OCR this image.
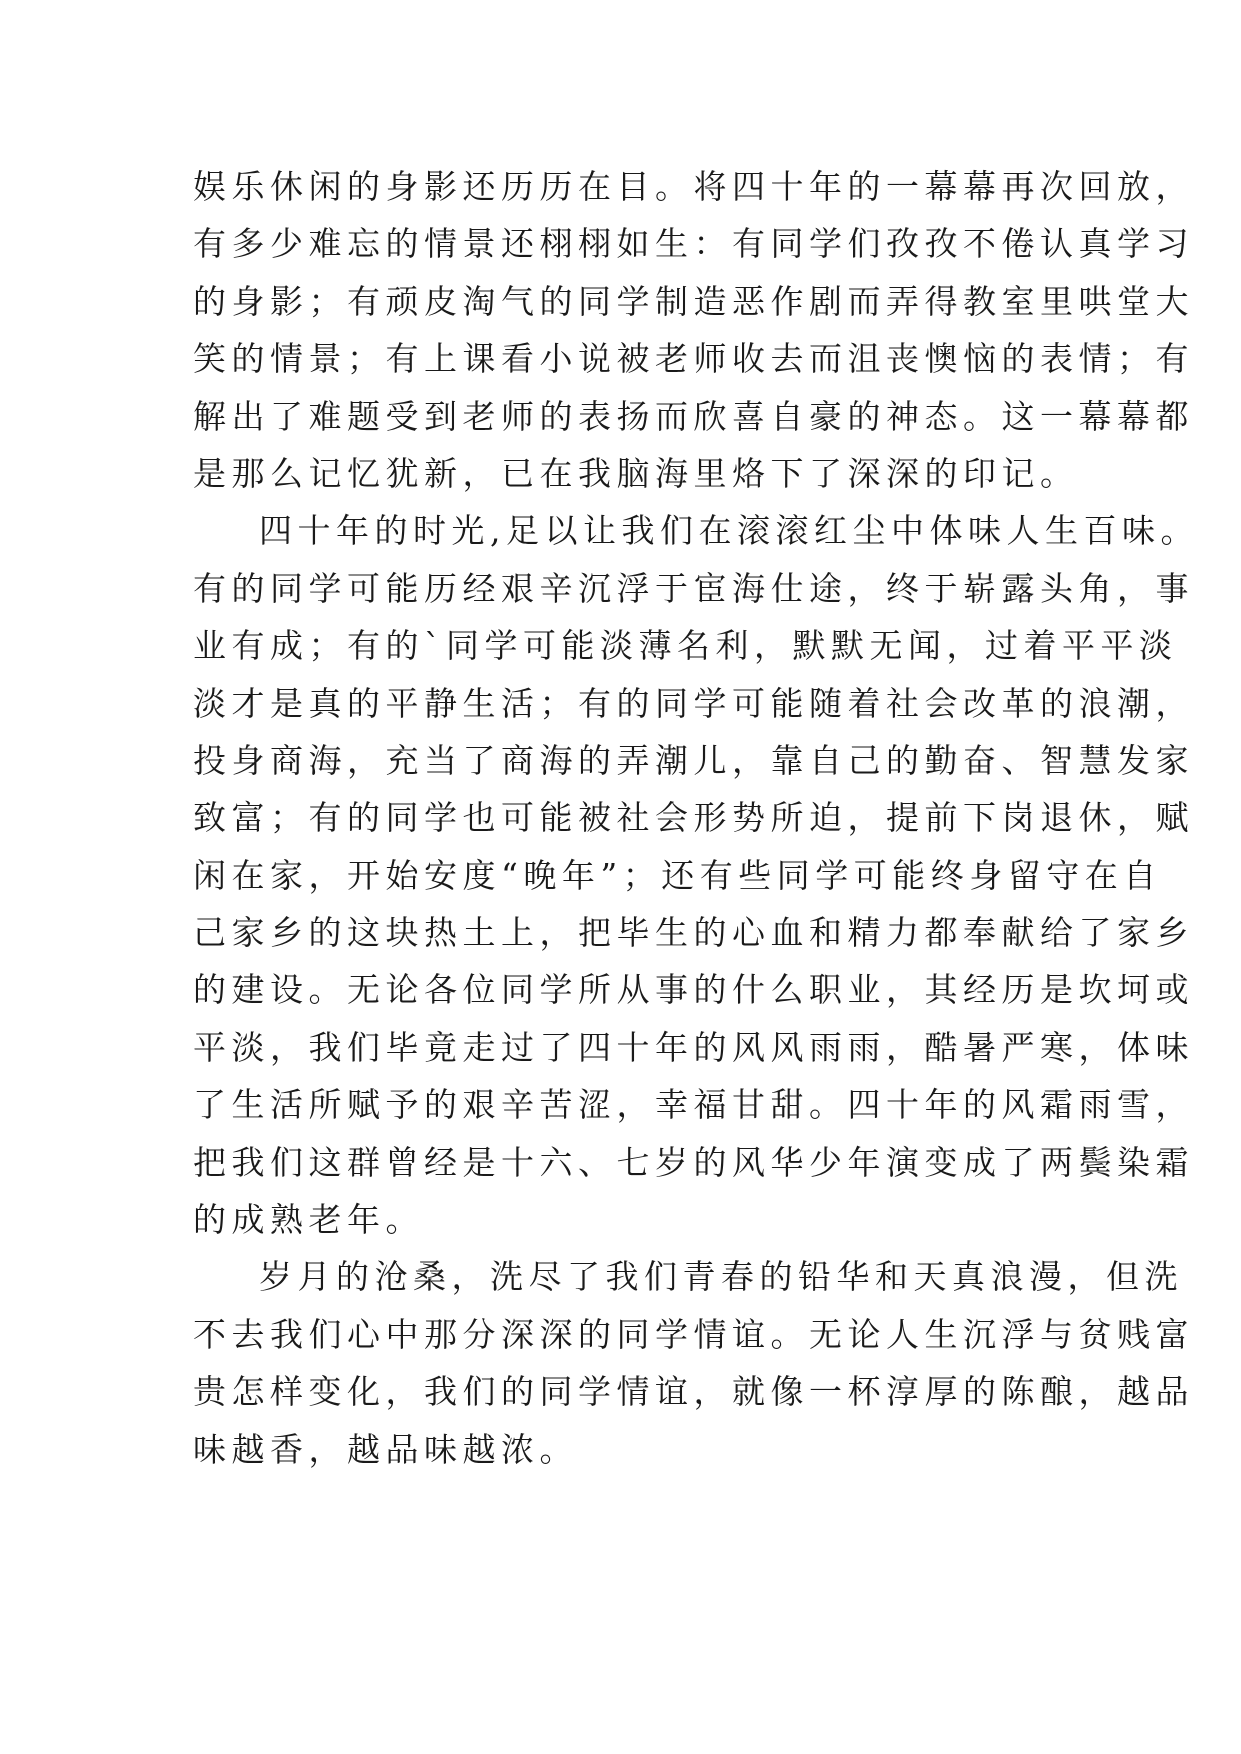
娱乐休闲的身影还历历在目。将四十年的一幕幕再次回放，
有多少难忘的情景还栩栩如生：有同学们孜孜不倦认真学习
的身影；有顽皮淘气的同学制造恶作剧而弄得教室里哄堂大
笑的情景；有上课看小说被老师收去而沮丧懊恼的表情；有
解出了难题受到老师的表扬而欣喜自豪的神态。这一幕幕都
是那么记忆犹新，已在我脑海里烙下了深深的印记。
四十年的时光,足以让我们在滚滚红尘中体味人生百味。
有的同学可能历经艰辛沉浮于宦海仕途，终于崭露头角，事
业有成；有的`同学可能淡薄名利，默默无闻，过着平平淡
淡才是真的平静生活；有的同学可能随着社会改革的浪潮，
投身商海，充当了商海的弄潮儿，靠自己的勤奋、智慧发家
致富；有的同学也可能被社会形势所迫，提前下岗退休，赋
闲在家，开始安度“晚年”；还有些同学可能终身留守在自
己家乡的这块热土上，把毕生的心血和精力都奉献给了家乡
的建设。无论各位同学所从事的什么职业，其经历是坎坷或
平淡，我们毕竟走过了四十年的风风雨雨，酷暑严寒，体味
了生活所赋予的艰辛苦涩，幸福甘甜。四十年的风霜雨雪，
把我们这群曾经是十六、七岁的风华少年演变成了两鬓染霜
的成熟老年。
岁月的沧桑，洗尽了我们青春的铅华和天真浪漫，但洗
不去我们心中那分深深的同学情谊。无论人生沉浮与贫贱富
贵怎样变化，我们的同学情谊，就像一杯淳厚的陈酿，越品
味越香，越品味越浓。
